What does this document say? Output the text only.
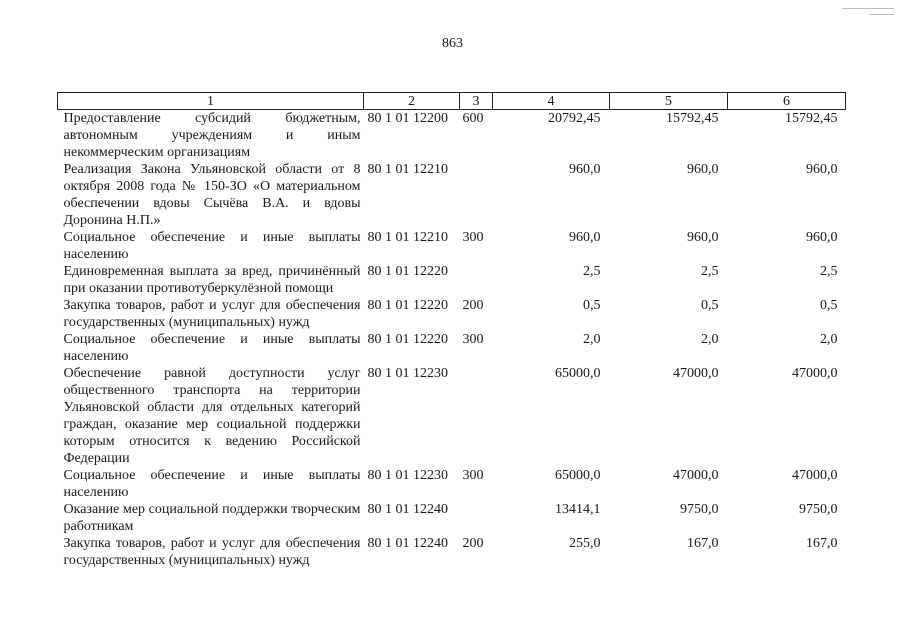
863
1	2	3	4	5	6
Предоставление субсидий бюджетным, автономным учреждениям и иным некоммерческим организациям	80 1 01 12200	600	20792,45	15792,45	15792,45
Реализация Закона Ульяновской области от 8 октября 2008 года № 150-ЗО «О материальном обеспечении вдовы Сычёва В.А. и вдовы Доронина Н.П.»	80 1 01 12210		960,0	960,0	960,0
Социальное обеспечение и иные выплаты населению	80 1 01 12210	300	960,0	960,0	960,0
Единовременная выплата за вред, причинённый при оказании противотуберкулёзной помощи	80 1 01 12220		2,5	2,5	2,5
Закупка товаров, работ и услуг для обеспечения государственных (муниципальных) нужд	80 1 01 12220	200	0,5	0,5	0,5
Социальное обеспечение и иные выплаты населению	80 1 01 12220	300	2,0	2,0	2,0
Обеспечение равной доступности услуг общественного транспорта на территории Ульяновской области для отдельных категорий граждан, оказание мер социальной поддержки которым относится к ведению Российской Федерации	80 1 01 12230		65000,0	47000,0	47000,0
Социальное обеспечение и иные выплаты населению	80 1 01 12230	300	65000,0	47000,0	47000,0
Оказание мер социальной поддержки творческим работникам	80 1 01 12240		13414,1	9750,0	9750,0
Закупка товаров, работ и услуг для обеспечения государственных (муниципальных) нужд	80 1 01 12240	200	255,0	167,0	167,0
